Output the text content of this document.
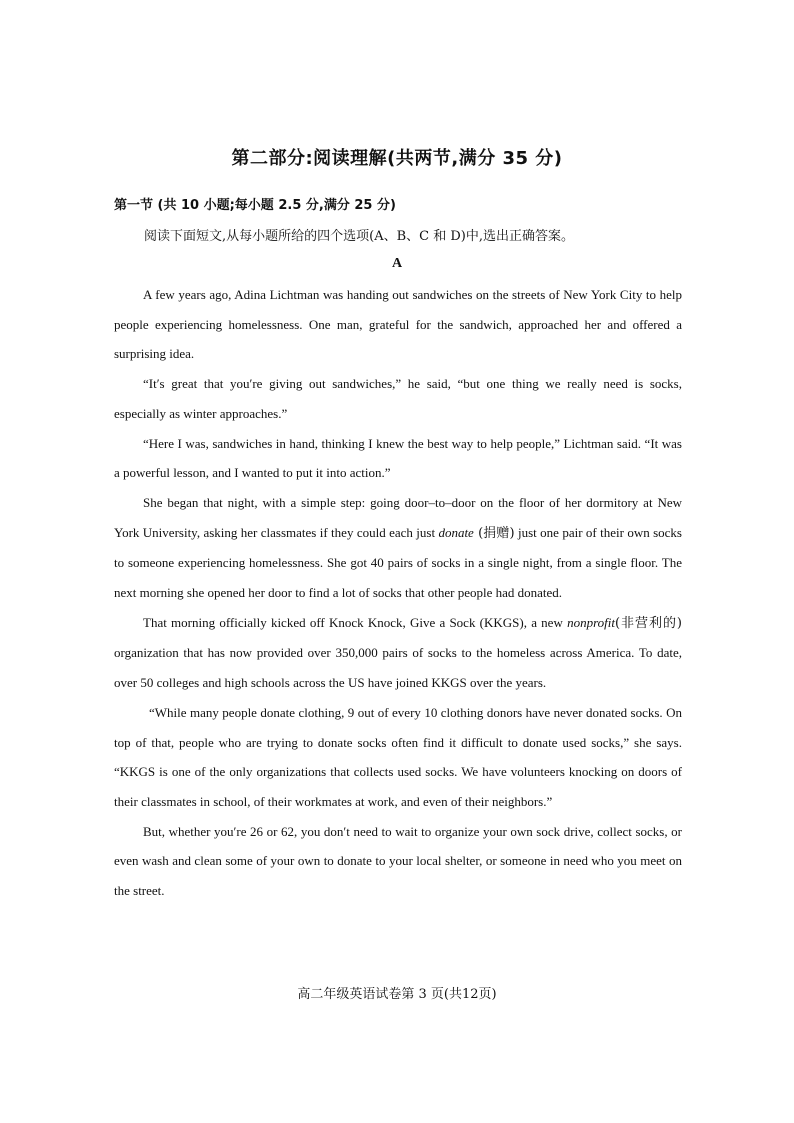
第二部分:阅读理解(共两节,满分 35 分)
第一节 (共 10 小题;每小题 2.5 分,满分 25 分)
阅读下面短文,从每小题所给的四个选项(A、B、C 和 D)中,选出正确答案。
A

A few years ago, Adina Lichtman was handing out sandwiches on the streets of New York City to help people experiencing homelessness. One man, grateful for the sandwich, approached her and offered a surprising idea.

“It′s great that you′re giving out sandwiches,” he said, “but one thing we really need is socks, especially as winter approaches.”

“Here I was, sandwiches in hand, thinking I knew the best way to help people,” Lichtman said. “It was a powerful lesson, and I wanted to put it into action.”

She began that night, with a simple step: going door–to–door on the floor of her dormitory at New York University, asking her classmates if they could each just donate (捐赠) just one pair of their own socks to someone experiencing homelessness. She got 40 pairs of socks in a single night, from a single floor. The next morning she opened her door to find a lot of socks that other people had donated.

That morning officially kicked off Knock Knock, Give a Sock (KKGS), a new nonprofit(非营利的) organization that has now provided over 350,000 pairs of socks to the homeless across America. To date, over 50 colleges and high schools across the US have joined KKGS over the years.

“While many people donate clothing, 9 out of every 10 clothing donors have never donated socks. On top of that, people who are trying to donate socks often find it difficult to donate used socks,” she says. “KKGS is one of the only organizations that collects used socks. We have volunteers knocking on doors of their classmates in school, of their workmates at work, and even of their neighbors.”

But, whether you′re 26 or 62, you don′t need to wait to organize your own sock drive, collect socks, or even wash and clean some of your own to donate to your local shelter, or someone in need who you meet on the street.

高二年级英语试卷第 3 页(共12页)
